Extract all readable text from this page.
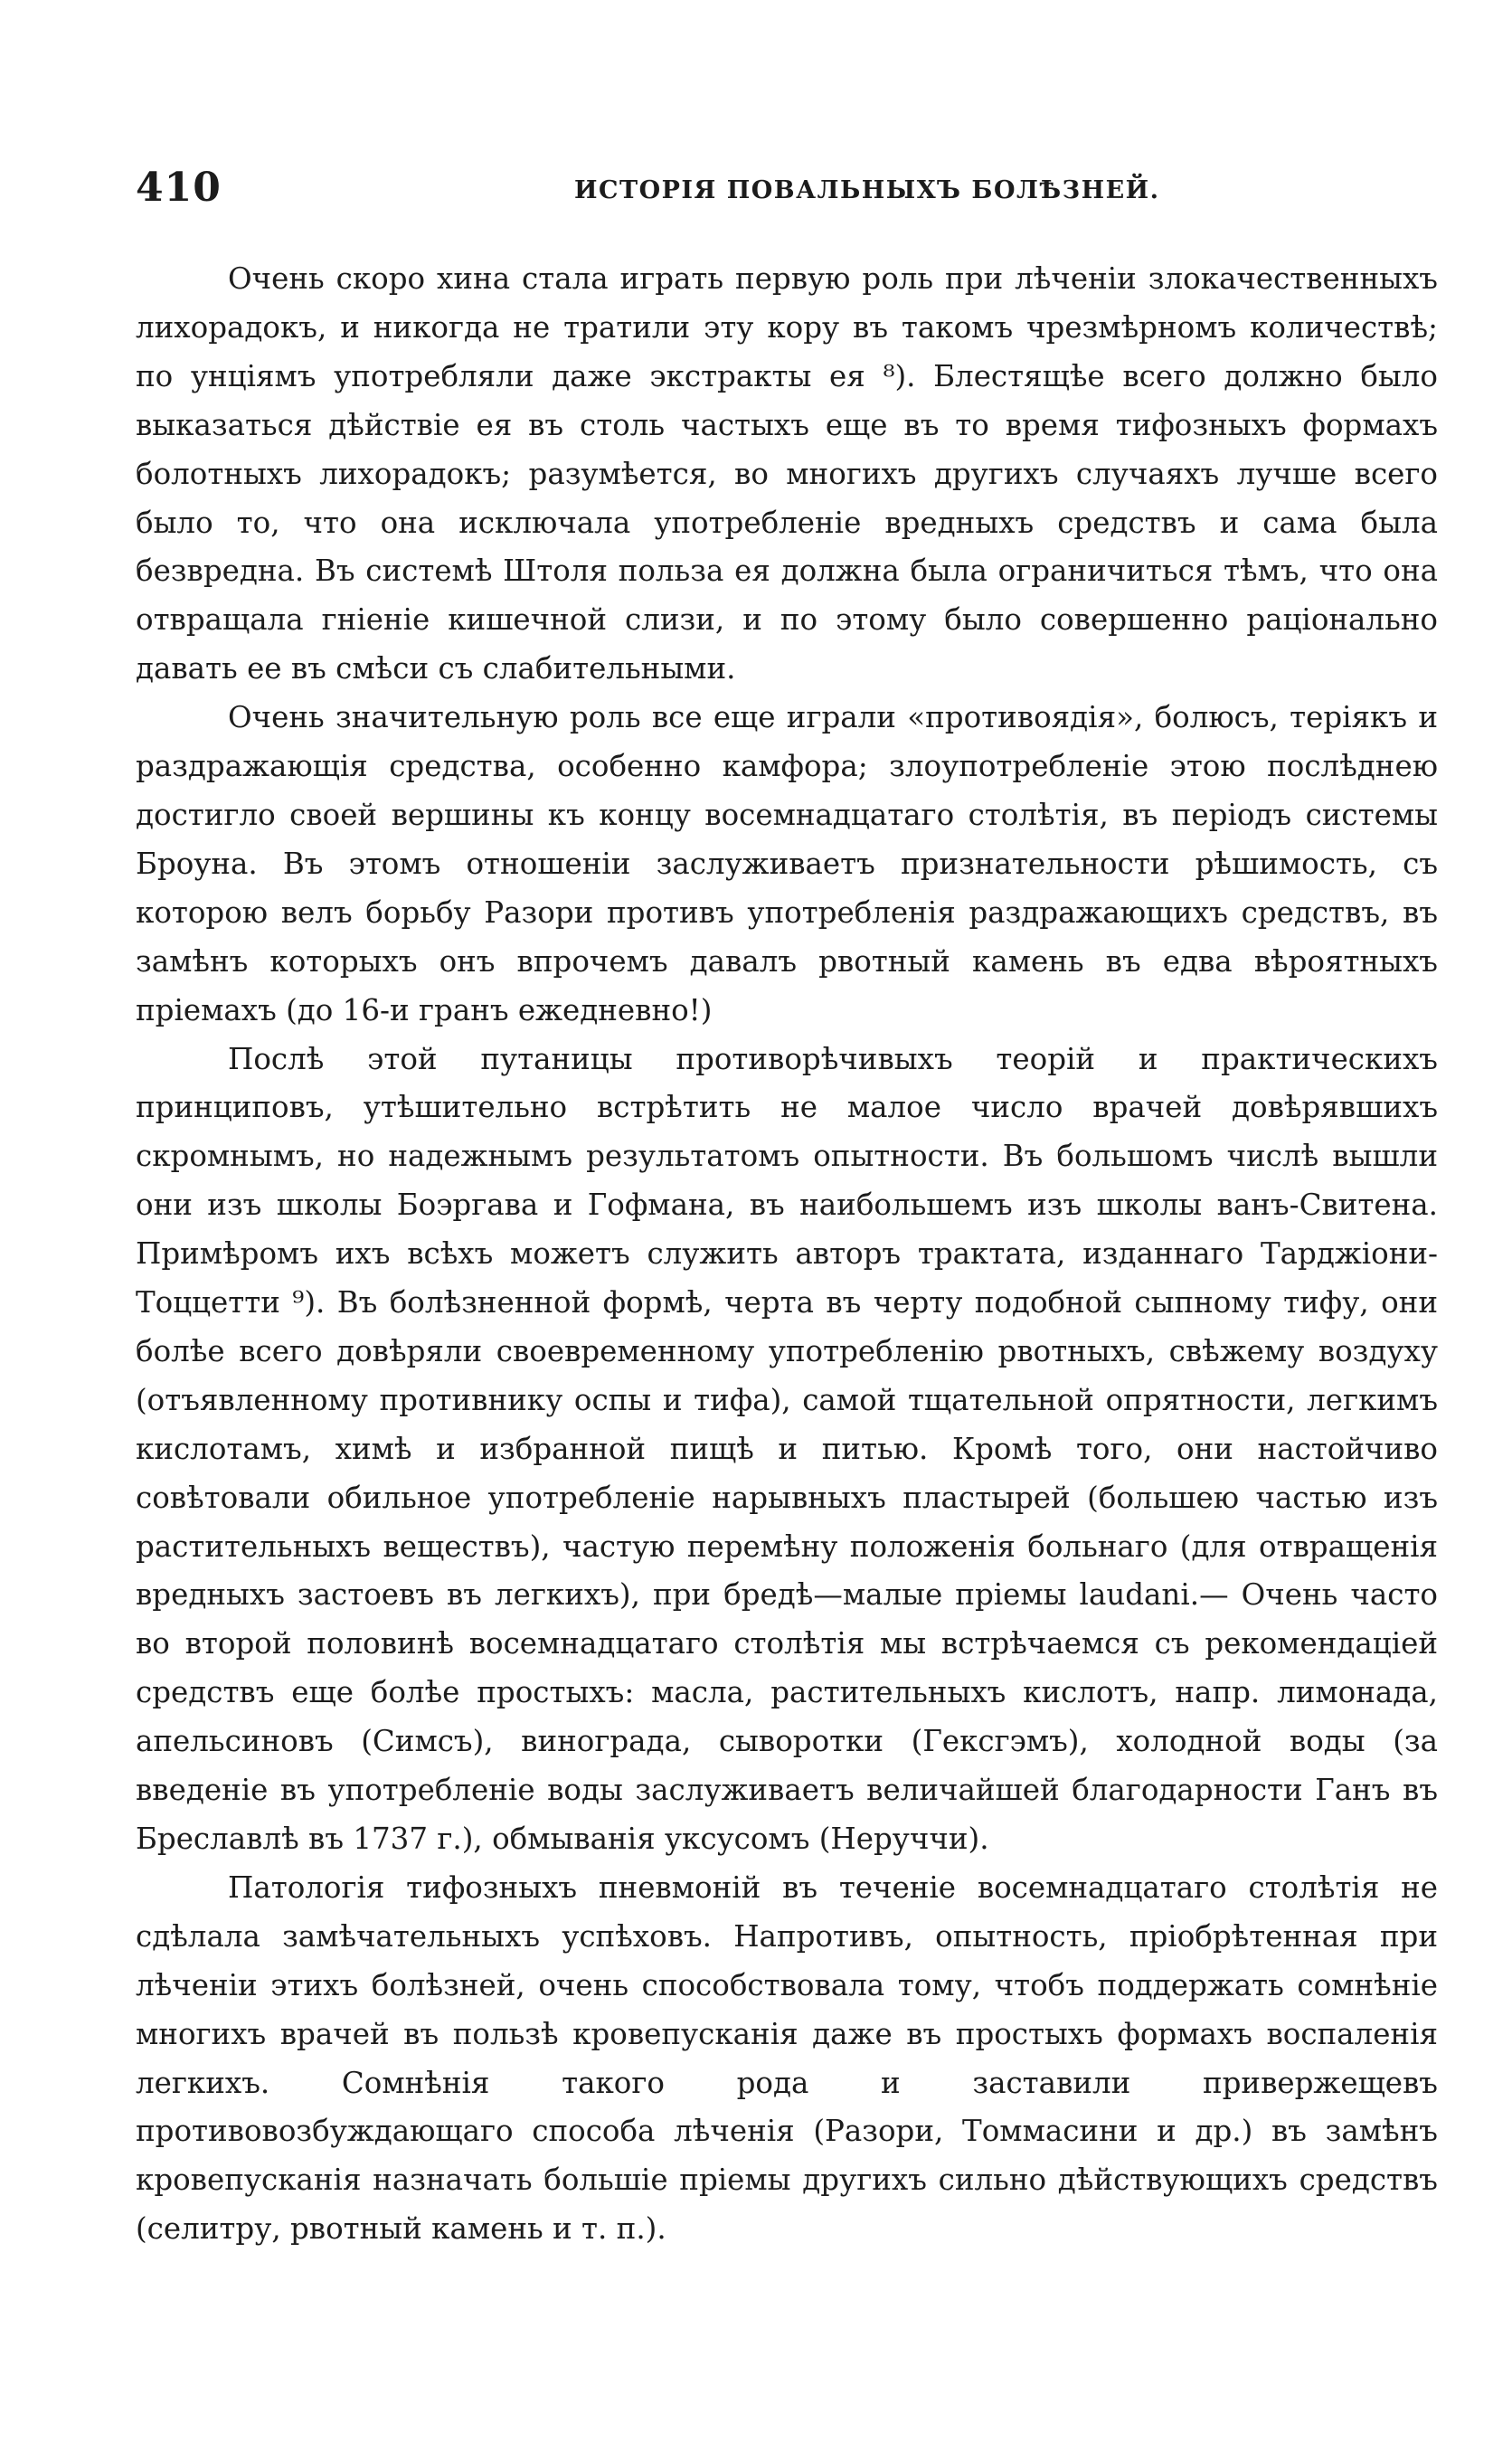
410	ИСТОРІЯ ПОВАЛЬНЫХЪ БОЛѢЗНЕЙ.

Очень скоро хина стала играть первую роль при лѣченіи злокачественныхъ лихорадокъ, и никогда не тратили эту кору въ такомъ чрезмѣрномъ количествѣ; по унціямъ употребляли даже экстракты ея ⁸). Блестящѣе всего должно было выказаться дѣйствіе ея въ столь частыхъ еще въ то время тифозныхъ формахъ болотныхъ лихорадокъ; разумѣется, во многихъ другихъ случаяхъ лучше всего было то, что она исключала употребленіе вредныхъ средствъ и сама была безвредна. Въ системѣ Штоля польза ея должна была ограничиться тѣмъ, что она отвращала гніеніе кишечной слизи, и по этому было совершенно раціонально давать ее въ смѣси съ слабительными.

Очень значительную роль все еще играли «противоядія», болюсъ, теріякъ и раздражающія средства, особенно камфора; злоупотребленіе этою послѣднею достигло своей вершины къ концу восемнадцатаго столѣтія, въ періодъ системы Броуна. Въ этомъ отношеніи заслуживаетъ признательности рѣшимость, съ которою велъ борьбу Разори противъ употребленія раздражающихъ средствъ, въ замѣнъ которыхъ онъ впрочемъ давалъ рвотный камень въ едва вѣроятныхъ пріемахъ (до 16-и гранъ ежедневно!)

Послѣ этой путаницы противорѣчивыхъ теорій и практическихъ принциповъ, утѣшительно встрѣтить не малое число врачей довѣрявшихъ скромнымъ, но надежнымъ результатомъ опытности. Въ большомъ числѣ вышли они изъ школы Боэргава и Гофмана, въ наибольшемъ изъ школы ванъ-Свитена. Примѣромъ ихъ всѣхъ можетъ служить авторъ трактата, изданнаго Тарджіони-Тоццетти ⁹). Въ болѣзненной формѣ, черта въ черту подобной сыпному тифу, они болѣе всего довѣряли своевременному употребленію рвотныхъ, свѣжему воздуху (отъявленному противнику оспы и тифа), самой тщательной опрятности, легкимъ кислотамъ, химѣ и избранной пищѣ и питью. Кромѣ того, они настойчиво совѣтовали обильное употребленіе нарывныхъ пластырей (большею частью изъ растительныхъ веществъ), частую перемѣну положенія больнаго (для отвращенія вредныхъ застоевъ въ легкихъ), при бредѣ—малые пріемы laudani.— Очень часто во второй половинѣ восемнадцатаго столѣтія мы встрѣчаемся съ рекомендаціей средствъ еще болѣе простыхъ: масла, растительныхъ кислотъ, напр. лимонада, апельсиновъ (Симсъ), винограда, сыворотки (Гексгэмъ), холодной воды (за введеніе въ употребленіе воды заслуживаетъ величайшей благодарности Ганъ въ Бреславлѣ въ 1737 г.), обмыванія уксусомъ (Неруччи).

Патологія тифозныхъ пневмоній въ теченіе восемнадцатаго столѣтія не сдѣлала замѣчательныхъ успѣховъ. Напротивъ, опытность, пріобрѣтенная при лѣченіи этихъ болѣзней, очень способствовала тому, чтобъ поддержать сомнѣніе многихъ врачей въ пользѣ кровепусканія даже въ простыхъ формахъ воспаленія легкихъ. Сомнѣнія такого рода и заставили привержещевъ противовозбуждающаго способа лѣченія (Разори, Томмасини и др.) въ замѣнъ кровепусканія назначать большіе пріемы другихъ сильно дѣйствующихъ средствъ (селитру, рвотный камень и т. п.).
